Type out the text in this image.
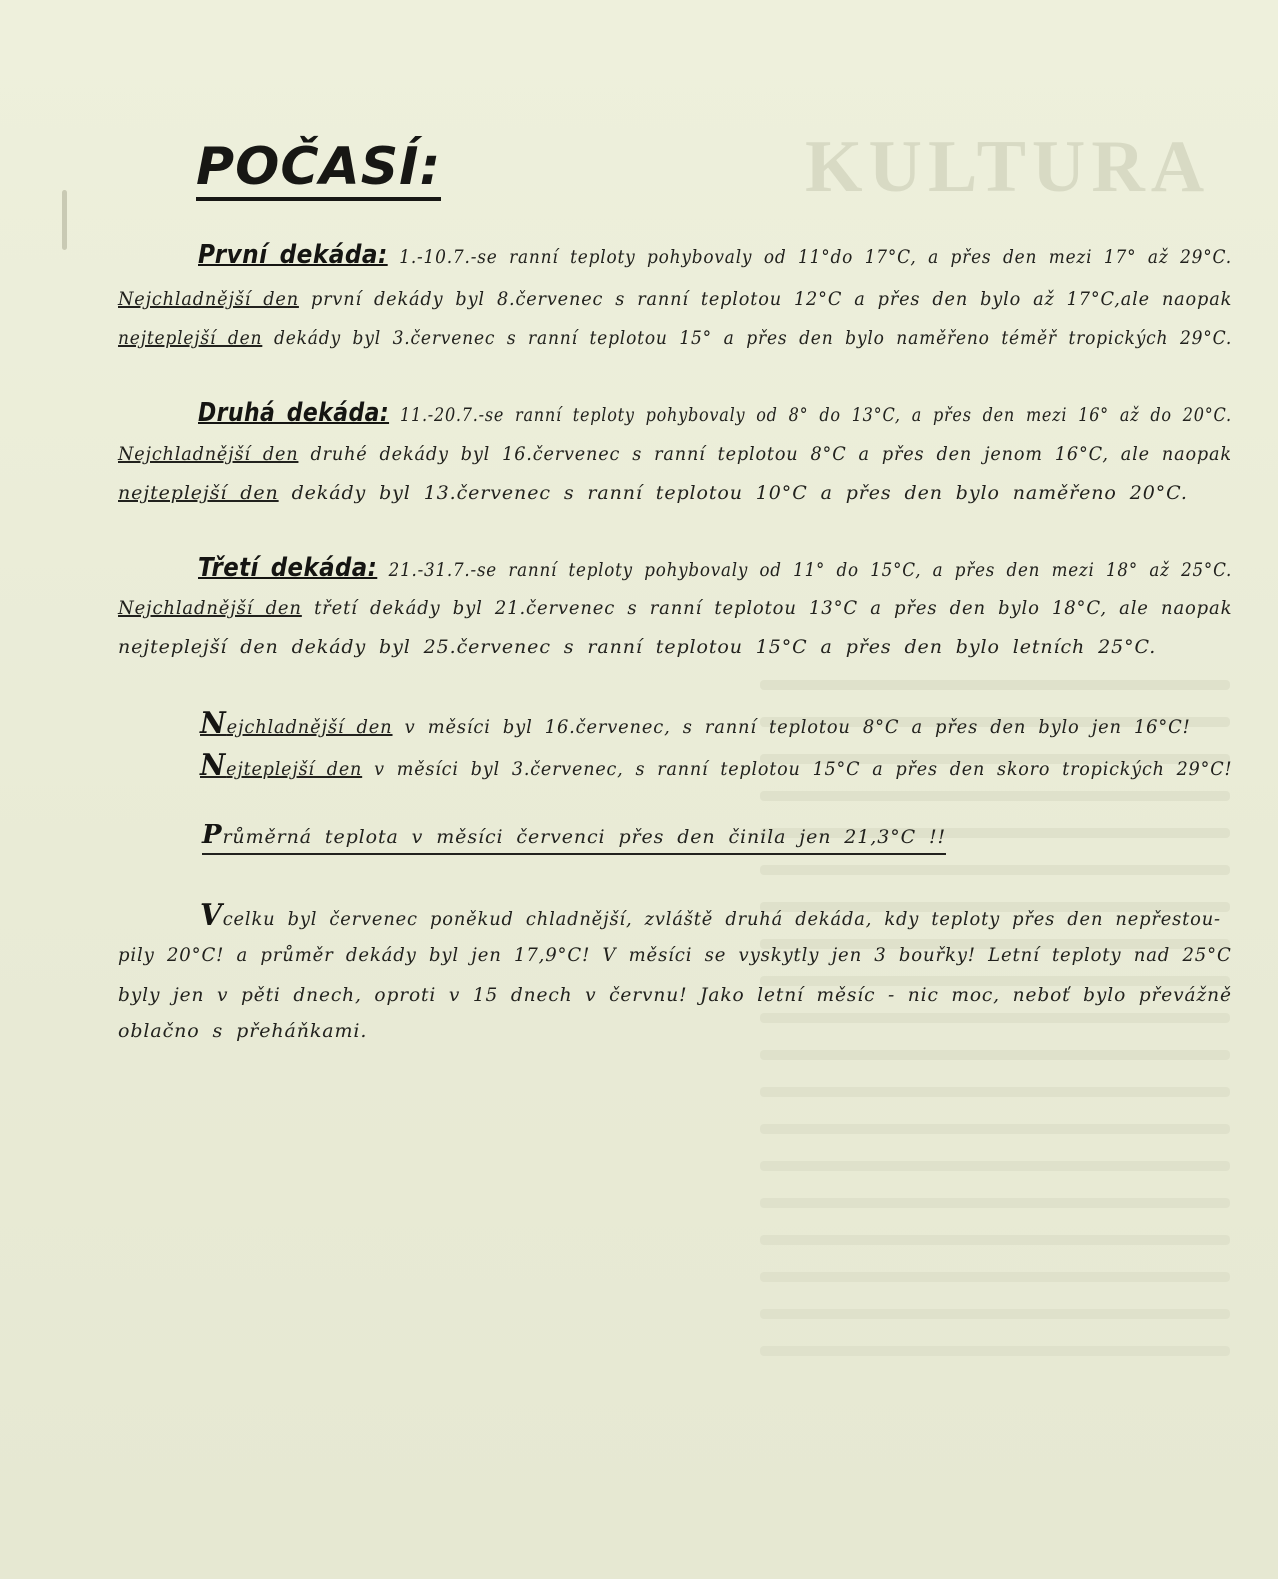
KULTURA
POČASÍ:
První dekáda: 1.-10.7.-se ranní teploty pohybovaly od 11°do 17°C, a přes den mezi 17° až 29°C.
Nejchladnější den první dekády byl 8.červenec s ranní teplotou 12°C a přes den bylo až 17°C,ale naopak
nejteplejší den dekády byl 3.červenec s ranní teplotou 15° a přes den bylo naměřeno téměř tropických 29°C.
Druhá dekáda: 11.-20.7.-se ranní teploty pohybovaly od 8° do 13°C, a přes den mezi 16° až do 20°C.
Nejchladnější den druhé dekády byl 16.červenec s ranní teplotou 8°C a přes den jenom 16°C, ale naopak
nejteplejší den dekády byl 13.červenec s ranní teplotou 10°C a přes den bylo naměřeno 20°C.
Třetí dekáda: 21.-31.7.-se ranní teploty pohybovaly od 11° do 15°C, a přes den mezi 18° až 25°C.
Nejchladnější den třetí dekády byl 21.červenec s ranní teplotou 13°C a přes den bylo 18°C, ale naopak
nejteplejší den dekády byl 25.červenec s ranní teplotou 15°C a přes den bylo letních 25°C.
Nejchladnější den v měsíci byl 16.červenec, s ranní teplotou 8°C a přes den bylo jen 16°C!
Nejteplejší den v měsíci byl 3.červenec, s ranní teplotou 15°C a přes den skoro tropických 29°C!
Průměrná teplota v měsíci červenci přes den činila jen 21,3°C !!
Vcelku byl červenec poněkud chladnější, zvláště druhá dekáda, kdy teploty přes den nepřestou-
pily 20°C! a průměr dekády byl jen 17,9°C! V měsíci se vyskytly jen 3 bouřky! Letní teploty nad 25°C
byly jen v pěti dnech, oproti v 15 dnech v červnu! Jako letní měsíc - nic moc, neboť bylo převážně
oblačno s přeháňkami.
